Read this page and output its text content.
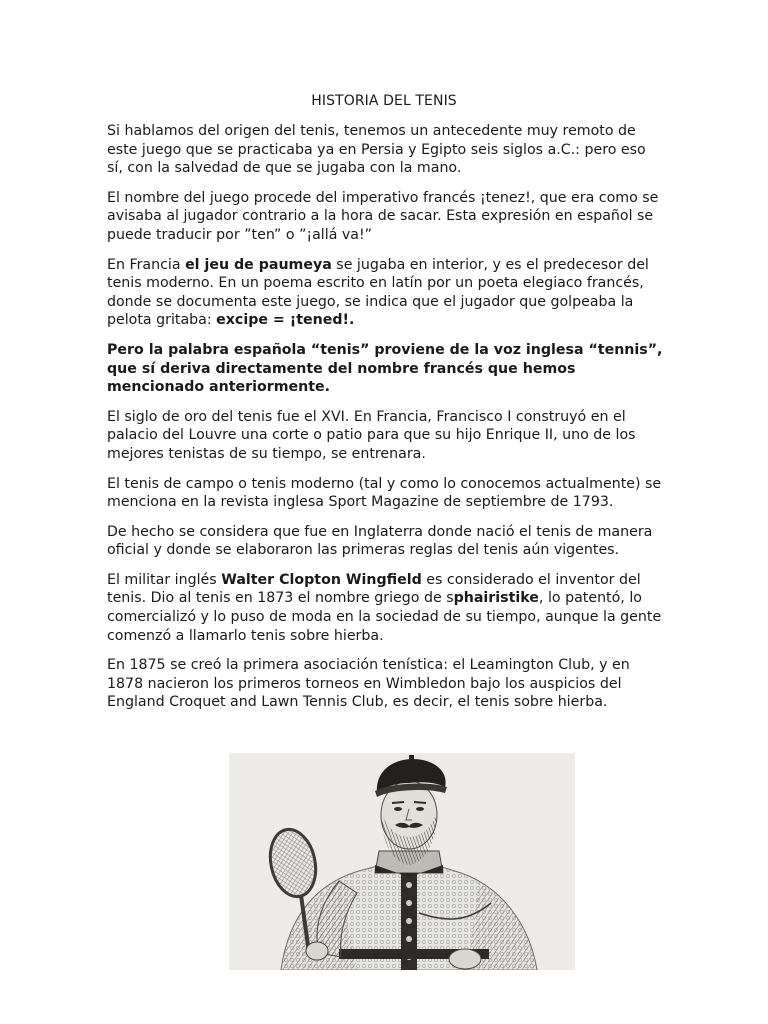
HISTORIA DEL TENIS

Si hablamos del origen del tenis, tenemos un antecedente muy remoto de este juego que se practicaba ya en Persia y Egipto seis siglos a.C.: pero eso sí, con la salvedad de que se jugaba con la mano.

El nombre del juego procede del imperativo francés ¡tenez!, que era como se avisaba al jugador contrario a la hora de sacar. Esta expresión en español se puede traducir por ”ten” o ”¡allá va!”

En Francia el jeu de paumeya se jugaba en interior, y es el predecesor del tenis moderno. En un poema escrito en latín por un poeta elegiaco francés, donde se documenta este juego, se indica que el jugador que golpeaba la pelota gritaba: excipe = ¡tened!.

Pero la palabra española “tenis” proviene de la voz inglesa “tennis”, que sí deriva directamente del nombre francés que hemos mencionado anteriormente.

El siglo de oro del tenis fue el XVI. En Francia, Francisco I construyó en el palacio del Louvre una corte o patio para que su hijo Enrique II, uno de los mejores tenistas de su tiempo, se entrenara.

El tenis de campo o tenis moderno (tal y como lo conocemos actualmente) se menciona en la revista inglesa Sport Magazine de septiembre de 1793.

De hecho se considera que fue en Inglaterra donde nació el tenis de manera oficial y donde se elaboraron las primeras reglas del tenis aún vigentes.

El militar inglés Walter Clopton Wingfield es considerado el inventor del tenis. Dio al tenis en 1873 el nombre griego de sphairistike, lo patentó, lo comercializó y lo puso de moda en la sociedad de su tiempo, aunque la gente comenzó a llamarlo tenis sobre hierba.

En 1875 se creó la primera asociación tenística: el Leamington Club, y en 1878 nacieron los primeros torneos en Wimbledon bajo los auspicios del England Croquet and Lawn Tennis Club, es decir, el tenis sobre hierba.
